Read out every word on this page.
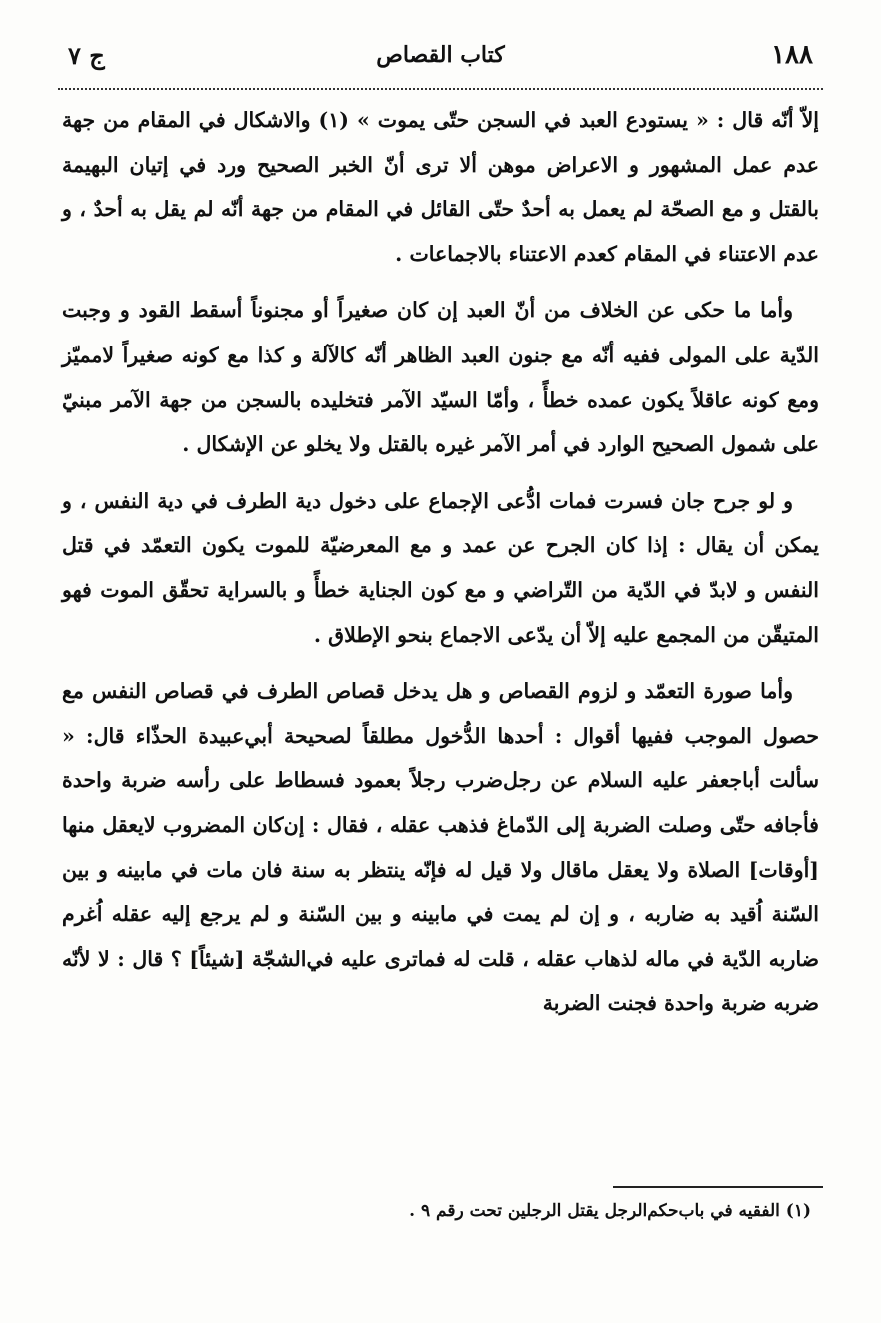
١٨٨
كتاب القصاص
ج ٧

إلاّ أنّه قال : « يستودع العبد في السجن حتّى يموت » (١) والاشكال في المقام من جهة عدم عمل المشهور و الاعراض موهن ألا ترى أنّ الخبر الصحيح ورد في إتيان البهيمة بالقتل و مع الصحّة لم يعمل به أحدٌ حتّى القائل في المقام من جهة أنّه لم يقل به أحدٌ ، و عدم الاعتناء في المقام كعدم الاعتناء بالاجماعات .

وأما ما حكى عن الخلاف من أنّ العبد إن كان صغيراً أو مجنوناً أسقط القود و وجبت الدّية على المولى ففيه أنّه مع جنون العبد الظاهر أنّه كالآلة و كذا مع كونه صغيراً لامميّز ومع كونه عاقلاً يكون عمده خطأً ، وأمّا السيّد الآمر فتخليده بالسجن من جهة الآمر مبنيّ على شمول الصحيح الوارد في أمر الآمر غيره بالقتل ولا يخلو عن الإشكال .

و لو جرح جان فسرت فمات ادُّعى الإجماع على دخول دية الطرف في دية النفس ، و يمكن أن يقال : إذا كان الجرح عن عمد و مع المعرضيّة للموت يكون التعمّد في قتل النفس و لابدّ في الدّية من التّراضي و مع كون الجناية خطأً و بالسراية تحقّق الموت فهو المتيقّن من المجمع عليه إلاّ أن يدّعى الاجماع بنحو الإطلاق .

وأما صورة التعمّد و لزوم القصاص و هل يدخل قصاص الطرف في قصاص النفس مع حصول الموجب ففيها أقوال : أحدها الدُّخول مطلقاً لصحيحة أبي‌عبيدة الحذّاء قال: « سألت أباجعفر عليه السلام عن رجل‌ضرب رجلاً بعمود فسطاط على رأسه ضربة واحدة فأجافه حتّى وصلت الضربة إلى الدّماغ فذهب عقله ، فقال : إن‌كان المضروب لايعقل منها [أوقات] الصلاة ولا يعقل ماقال ولا قيل له فإنّه ينتظر به سنة فان مات في مابينه و بين السّنة اُقيد به ضاربه ، و إن لم يمت في مابينه و بين السّنة و لم يرجع إليه عقله اُغرم ضاربه الدّية في ماله لذهاب عقله ، قلت له فماترى عليه في‌الشجّة [شيئاً] ؟ قال : لا لأنّه ضربه ضربة واحدة فجنت الضربة

(١) الفقيه في باب‌حكم‌الرجل يقتل الرجلين تحت رقم ٩ .
